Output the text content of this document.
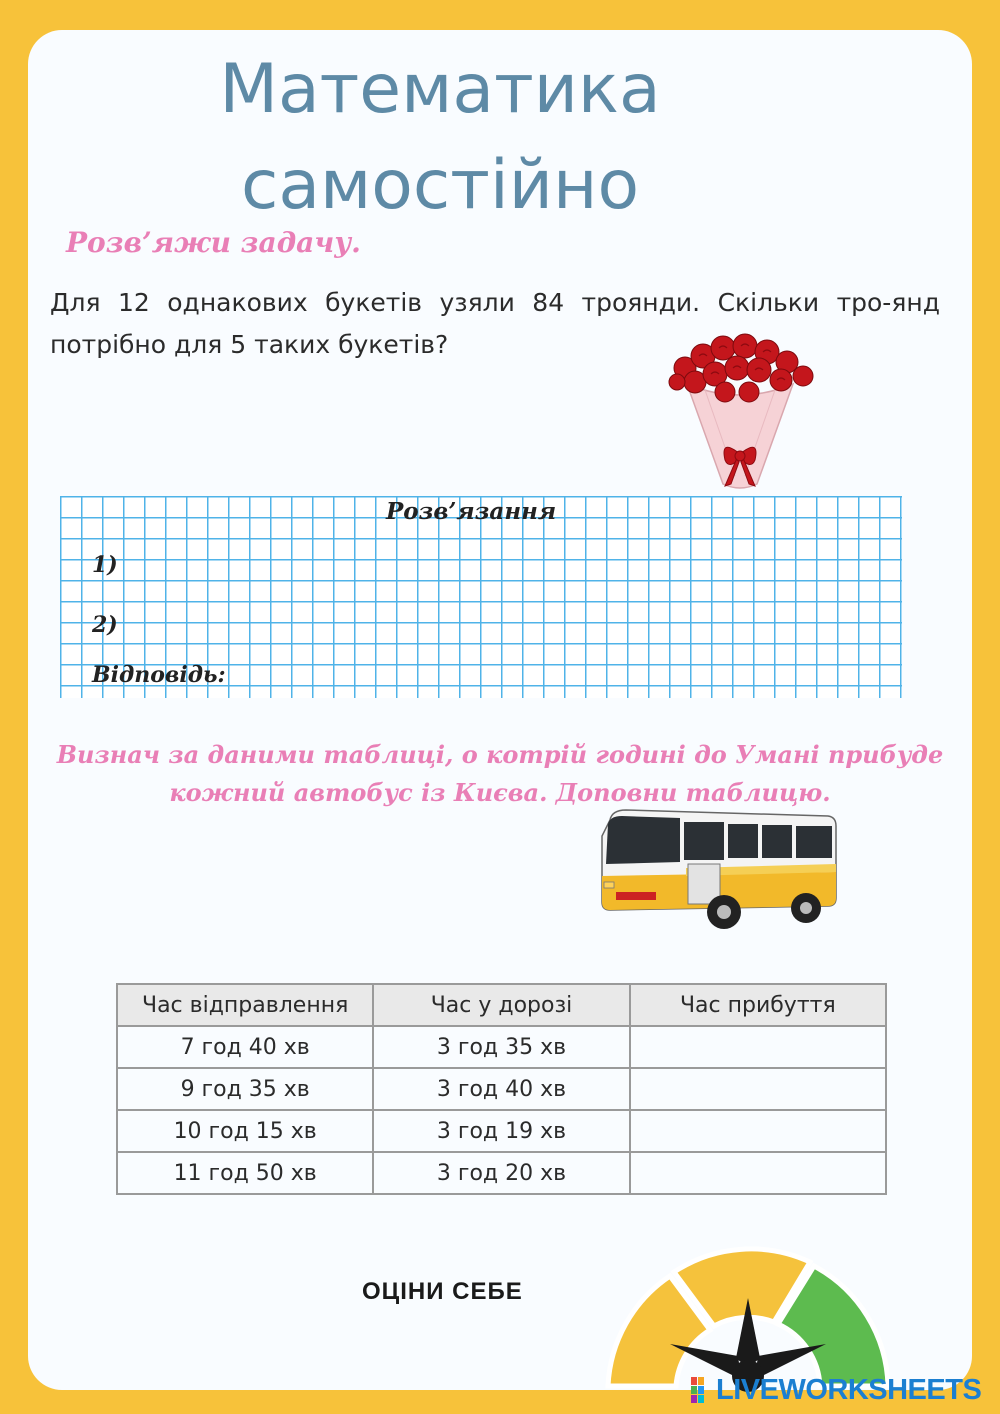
Математика
самостійно
Розв’яжи задачу.
Для 12 однакових букетів узяли 84 троянди. Скільки тро-янд потрібно для 5 таких букетів?
Розв’язання
1)
2)
Відповідь:
Визнач за даними таблиці, о котрій годині до Умані прибуде
кожний автобус із Києва. Доповни таблицю.
Час відправлення	Час у дорозі	Час прибуття
7 год 40 хв	3 год 35 хв	
9 год 35 хв	3 год 40 хв	
10 год 15 хв	3 год 19 хв	
11 год 50 хв	3 год 20 хв	
ОЦІНИ СЕБЕ
LIVEWORKSHEETS
